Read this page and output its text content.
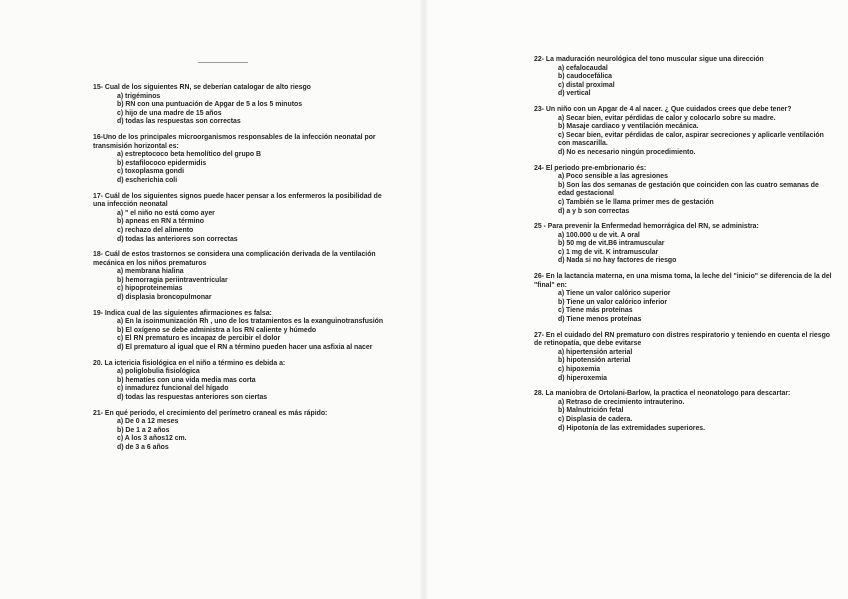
15- Cual de los siguientes RN, se deberían catalogar de alto riesgo

a) trigéminos
b) RN con una puntuación de Apgar de 5 a los 5 minutos
c) hijo de una madre de 15 años
d) todas las respuestas son correctas

16-Uno de los principales microorganismos responsables de la infección neonatal por transmisión horizontal es:

a) estreptococo beta hemolítico del grupo B
b) estafilococo epidermidis
c) toxoplasma gondi
d) escherichia coli

17- Cuál de los siguientes signos puede hacer pensar a los enfermeros la posibilidad de una infección neonatal

a) " el niño no está como ayer
b) apneas en RN a término
c) rechazo del alimento
d) todas las anteriores son correctas

18- Cuál de estos trastornos se considera una complicación derivada de la ventilación mecánica en los niños prematuros

a) membrana hialina
b) hemorragia periintraventricular
c) hipoproteinemias
d) displasia broncopulmonar

19- Indica cual de las siguientes afirmaciones es falsa:

a) En la isoinmunización Rh , uno de los tratamientos es la exanguinotransfusión
b) El oxígeno se debe administra a los RN caliente y húmedo
c) El RN prematuro es incapaz de percibir el dolor
d) El prematuro al igual que el RN a término pueden hacer una asfixia al nacer

20. La ictericia fisiológica en el niño a término es debida a:

a) poliglobulia fisiológica
b) hematíes con una vida media mas corta
c) inmadurez funcional del hígado
d) todas las respuestas anteriores son ciertas

21- En qué periodo, el crecimiento del perímetro craneal es más rápido:

a) De 0 a 12 meses
b) De 1 a 2 años
c) A los 3 años12 cm.
d) de 3 a 6 años

22- La maduración neurológica del tono muscular sigue una dirección

a) cefalocaudal
b) caudocefálica
c) distal proximal
d) vertical

23- Un niño con un Apgar de 4 al nacer. ¿ Que cuidados crees que debe tener?

a) Secar bien, evitar pérdidas de calor y colocarlo sobre su madre.
b) Masaje cardiaco y ventilación mecánica.
c) Secar bien, evitar pérdidas de calor, aspirar secreciones y aplicarle ventilación con mascarilla.
d) No es necesario ningún procedimiento.

24- El periodo pre-embrionario és:

a) Poco sensible a las agresiones
b) Son las dos semanas de gestación que coinciden con las cuatro semanas de edad gestacional
c) También se le llama primer mes de gestación
d) a y b son correctas

25 - Para prevenir la Enfermedad hemorrágica del RN, se administra:

a) 100.000 u de vit. A oral
b) 50 mg de vit.B6 intramuscular
c) 1 mg de vit. K intramuscular
d) Nada si no hay factores de riesgo

26- En la lactancia materna, en una misma toma, la leche del "inicio" se diferencia de la del "final" en:

a) Tiene un valor calórico superior
b) Tiene un valor calórico inferior
c) Tiene más proteínas
d) Tiene menos proteínas

27- En el cuidado del RN prematuro con distres respiratorio y teniendo en cuenta el riesgo de retinopatía, que debe evitarse

a) hipertensión arterial
b) hipotensión arterial
c) hipoxemia
d) hiperoxemia

28. La maniobra de Ortolani-Barlow, la practica el neonatologo para descartar:

a) Retraso de crecimiento intrauterino.
b) Malnutrición fetal
c) Displasia de cadera.
d) Hipotonía de las extremidades superiores.
